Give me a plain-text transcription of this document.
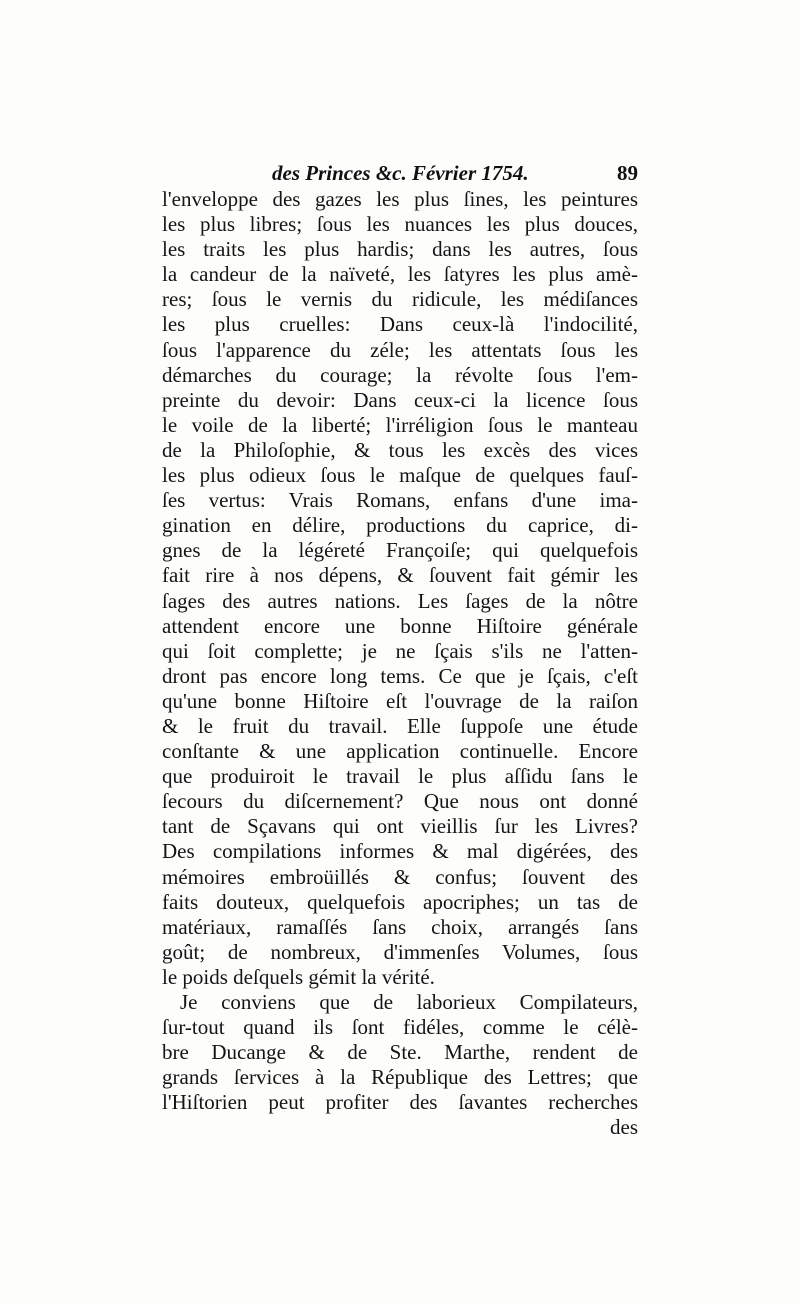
des Princes &c. Février 1754.	89
l'enveloppe des gazes les plus ſines, les peintures
les plus libres; ſous les nuances les plus douces,
les traits les plus hardis; dans les autres, ſous
la candeur de la naïveté, les ſatyres les plus amè-
res; ſous le vernis du ridicule, les médiſances
les plus cruelles: Dans ceux-là l'indocilité,
ſous l'apparence du zéle; les attentats ſous les
démarches du courage; la révolte ſous l'em-
preinte du devoir: Dans ceux-ci la licence ſous
le voile de la liberté; l'irréligion ſous le manteau
de la Philoſophie, & tous les excès des vices
les plus odieux ſous le maſque de quelques fauſ-
ſes vertus: Vrais Romans, enfans d'une ima-
gination en délire, productions du caprice, di-
gnes de la légéreté Françoiſe; qui quelquefois
fait rire à nos dépens, & ſouvent fait gémir les
ſages des autres nations. Les ſages de la nôtre
attendent encore une bonne Hiſtoire générale
qui ſoit complette; je ne ſçais s'ils ne l'atten-
dront pas encore long tems. Ce que je ſçais, c'eſt
qu'une bonne Hiſtoire eſt l'ouvrage de la raiſon
& le fruit du travail. Elle ſuppoſe une étude
conſtante & une application continuelle. Encore
que produiroit le travail le plus aſſidu ſans le
ſecours du diſcernement? Que nous ont donné
tant de Sçavans qui ont vieillis ſur les Livres?
Des compilations informes & mal digérées, des
mémoires embroüillés & confus; ſouvent des
faits douteux, quelquefois apocriphes; un tas de
matériaux, ramaſſés ſans choix, arrangés ſans
goût; de nombreux, d'immenſes Volumes, ſous
le poids deſquels gémit la vérité.
Je conviens que de laborieux Compilateurs,
ſur-tout quand ils ſont fidéles, comme le célè-
bre Ducange & de Ste. Marthe, rendent de
grands ſervices à la République des Lettres; que
l'Hiſtorien peut profiter des ſavantes recherches
des
